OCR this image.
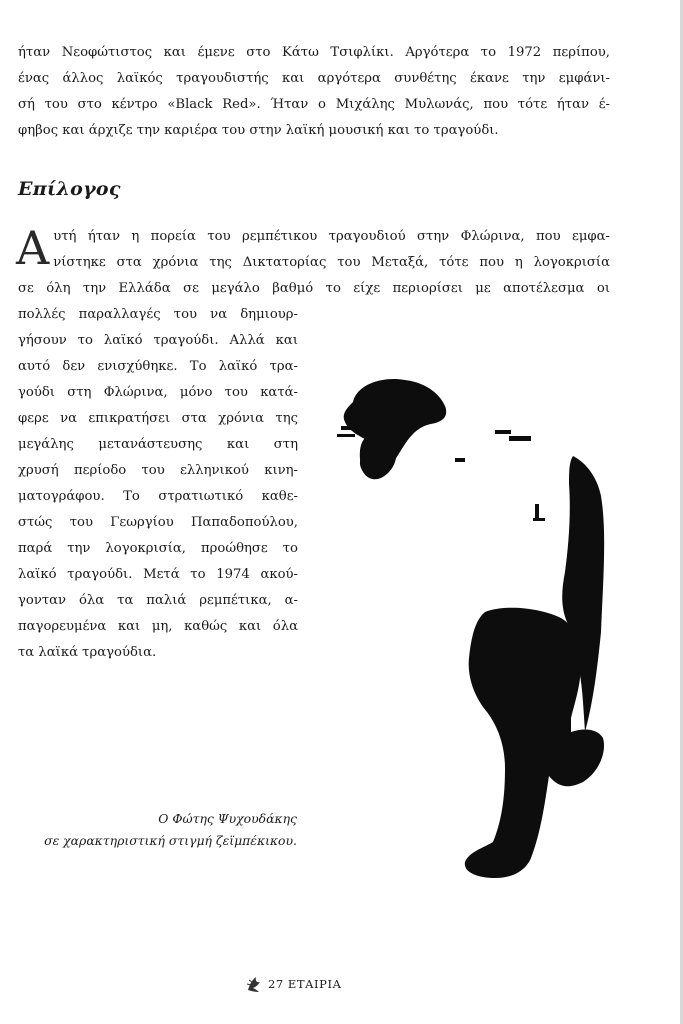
ήταν Νεοφώτιστος και έμενε στο Κάτω Τσιφλίκι. Αργότερα το 1972 περίπου,
ένας άλλος λαϊκός τραγουδιστής και αργότερα συνθέτης έκανε την εμφάνι-
σή του στο κέντρο «Black Red». Ήταν ο Μιχάλης Μυλωνάς, που τότε ήταν έ-
φηβος και άρχιζε την καριέρα του στην λαϊκή μουσική και το τραγούδι.
Επίλογος
Α υτή ήταν η πορεία του ρεμπέτικου τραγουδιού στην Φλώρινα, που εμφα-
νίστηκε στα χρόνια της Δικτατορίας του Μεταξά, τότε που η λογοκρισία
σε όλη την Ελλάδα σε μεγάλο βαθμό το είχε περιορίσει με αποτέλεσμα οι
πολλές παραλλαγές του να δημιουρ-
γήσουν το λαϊκό τραγούδι. Αλλά και
αυτό δεν ενισχύθηκε. Το λαϊκό τρα-
γούδι στη Φλώρινα, μόνο του κατά-
φερε να επικρατήσει στα χρόνια της
μεγάλης μετανάστευσης και στη
χρυσή περίοδο του ελληνικού κινη-
ματογράφου. Το στρατιωτικό καθε-
στώς του Γεωργίου Παπαδοπούλου,
παρά την λογοκρισία, προώθησε το
λαϊκό τραγούδι. Μετά το 1974 ακού-
γονταν όλα τα παλιά ρεμπέτικα, α-
παγορευμένα και μη, καθώς και όλα
τα λαϊκά τραγούδια.
Ο Φώτης Ψυχουδάκης
σε χαρακτηριστική στιγμή ζεϊμπέκικου.
27 ΕΤΑΙΡΙΑ
